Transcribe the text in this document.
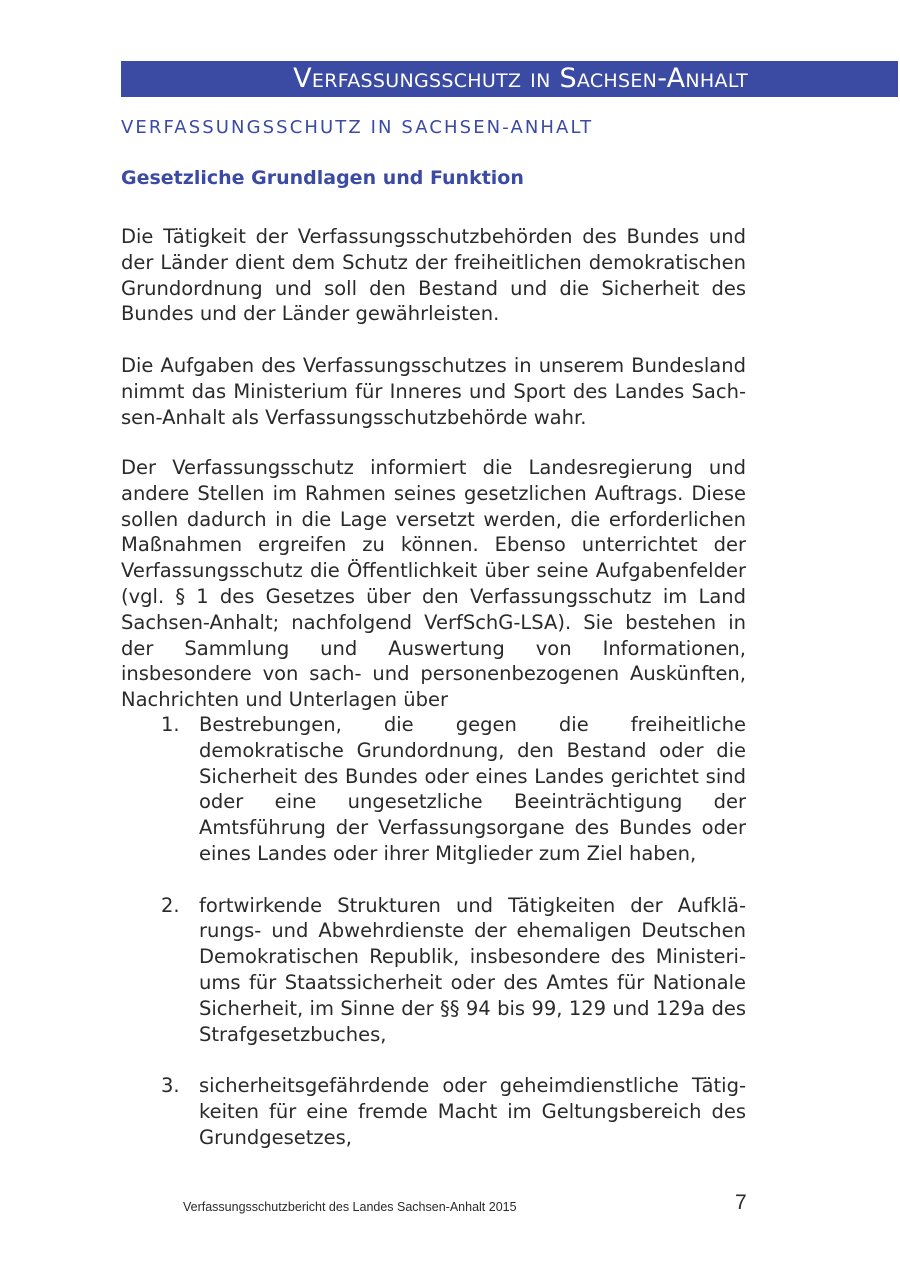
Verfassungsschutz in Sachsen-Anhalt
VERFASSUNGSSCHUTZ IN SACHSEN-ANHALT
Gesetzliche Grundlagen und Funktion

Die Tätigkeit der Verfassungsschutzbehörden des Bundes und der Länder dient dem Schutz der freiheitlichen demokratischen Grundordnung und soll den Bestand und die Sicherheit des Bundes und der Länder gewährleisten.

Die Aufgaben des Verfassungsschutzes in unserem Bundesland nimmt das Ministerium für Inneres und Sport des Landes Sachsen-Anhalt als Verfassungsschutzbehörde wahr.

Der Verfassungsschutz informiert die Landesregierung und andere Stellen im Rahmen seines gesetzlichen Auftrags. Diese sollen dadurch in die Lage versetzt werden, die erforderlichen Maßnahmen ergreifen zu können. Ebenso unterrichtet der Verfassungsschutz die Öffentlichkeit über seine Aufgabenfelder (vgl. § 1 des Gesetzes über den Verfassungsschutz im Land Sachsen-Anhalt; nachfolgend VerfSchG-LSA). Sie bestehen in der Sammlung und Auswertung von Informationen, insbesondere von sach- und personenbezogenen Auskünften, Nachrichten und Unterlagen über

1. Bestrebungen, die gegen die freiheitliche demokratische Grundordnung, den Bestand oder die Sicherheit des Bundes oder eines Landes gerichtet sind oder eine ungesetzliche Beeinträchtigung der Amtsführung der Verfassungsorgane des Bundes oder eines Landes oder ihrer Mitglieder zum Ziel haben,
2. fortwirkende Strukturen und Tätigkeiten der Aufklärungs- und Abwehrdienste der ehemaligen Deutschen Demokratischen Republik, insbesondere des Ministeriums für Staatssicherheit oder des Amtes für Nationale Sicherheit, im Sinne der §§ 94 bis 99, 129 und 129a des Strafgesetzbuches,
3. sicherheitsgefährdende oder geheimdienstliche Tätigkeiten für eine fremde Macht im Geltungsbereich des Grundgesetzes,
Verfassungsschutzbericht des Landes Sachsen-Anhalt 2015	7
